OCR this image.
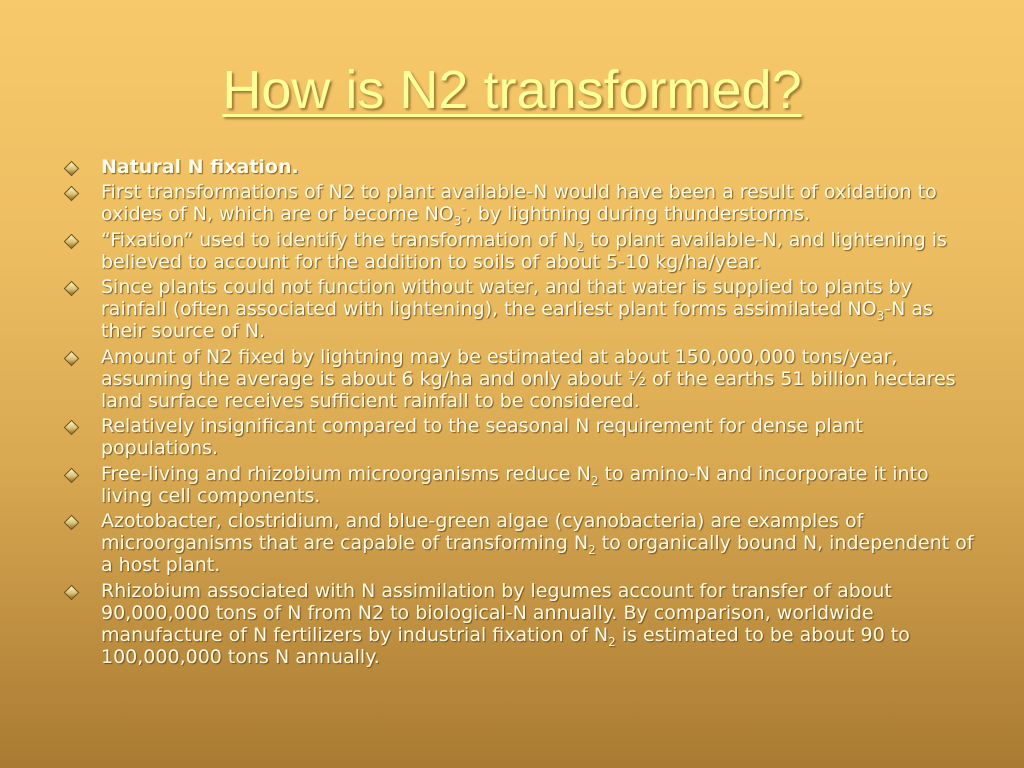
How is N2 transformed?
Natural N fixation.
First transformations of N2 to plant available-N would have been a result of oxidation to oxides of N, which are or become $NO_3^-$, by lightning during thunderstorms.
“Fixation” used to identify the transformation of $N_2$ to plant available-N, and lightening is believed to account for the addition to soils of about 5-10 kg/ha/year.
Since plants could not function without water, and that water is supplied to plants by rainfall (often associated with lightening), the earliest plant forms assimilated $NO_3-N$ as their source of N.
Amount of N2 fixed by lightning may be estimated at about 150,000,000 tons/year, assuming the average is about 6 kg/ha and only about ½ of the earths 51 billion hectares land surface receives sufficient rainfall to be considered.
Relatively insignificant compared to the seasonal N requirement for dense plant populations.
Free-living and rhizobium microorganisms reduce $N_2$ to amino-N and incorporate it into living cell components.
Azotobacter, clostridium, and blue-green algae (cyanobacteria) are examples of microorganisms that are capable of transforming $N_2$ to organically bound N, independent of a host plant.
Rhizobium associated with N assimilation by legumes account for transfer of about 90,000,000 tons of N from N2 to biological-N annually. By comparison, worldwide manufacture of N fertilizers by industrial fixation of $N_2$ is estimated to be about 90 to 100,000,000 tons N annually.
